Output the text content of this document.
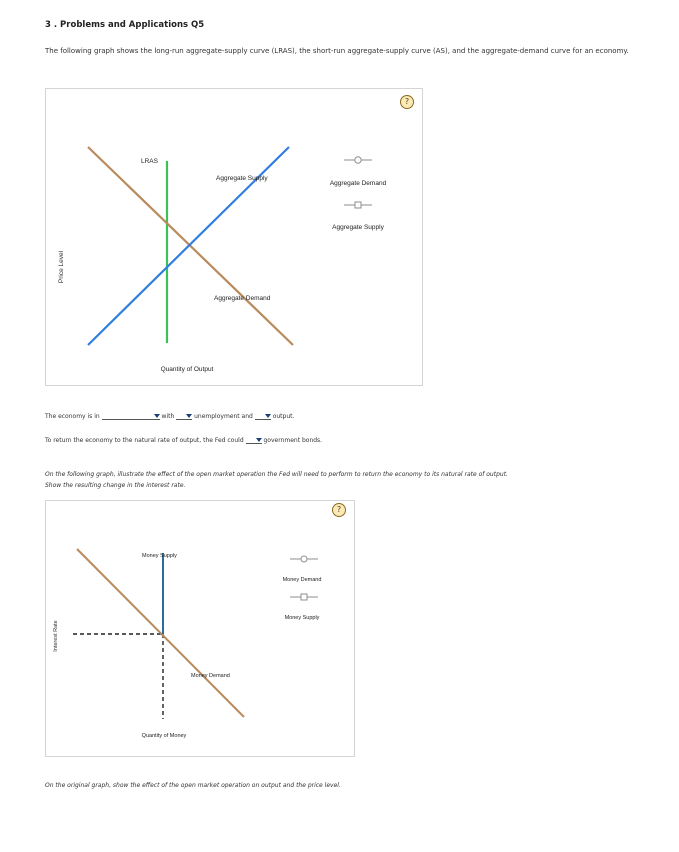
3 . Problems and Applications Q5
The following graph shows the long-run aggregate-supply curve (LRAS), the short-run aggregate-supply curve (AS), and the aggregate-demand curve for an economy.
?
Price Level
LRAS
Aggregate Supply
Aggregate Demand
Quantity of Output
Aggregate Demand
Aggregate Supply
The economy is in	with	unemployment and	output.
To return the economy to the natural rate of output, the Fed could	government bonds.
On the following graph, illustrate the effect of the open market operation the Fed will need to perform to return the economy to its natural rate of output. Show the resulting change in the interest rate.
?
Interest Rate
Money Supply
Money Demand
Quantity of Money
Money Demand
Money Supply
On the original graph, show the effect of the open market operation on output and the price level.
